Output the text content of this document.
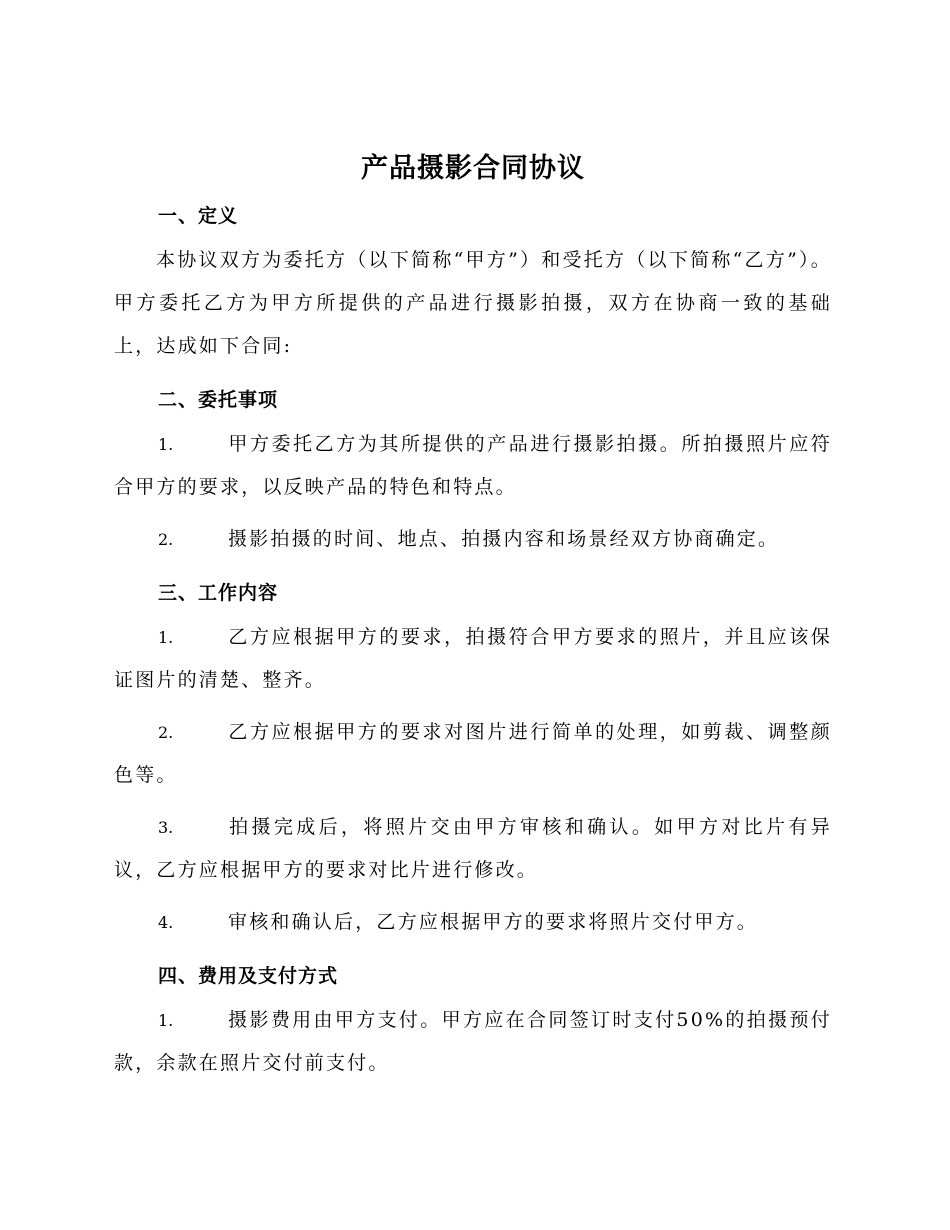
产品摄影合同协议
一、定义

本协议双方为委托方（以下简称“甲方”）和受托方（以下简称“乙方”）。甲方委托乙方为甲方所提供的产品进行摄影拍摄，双方在协商一致的基础上，达成如下合同:

二、委托事项

1.	甲方委托乙方为其所提供的产品进行摄影拍摄。所拍摄照片应符合甲方的要求，以反映产品的特色和特点。

2.	摄影拍摄的时间、地点、拍摄内容和场景经双方协商确定。

三、工作内容

1.	乙方应根据甲方的要求，拍摄符合甲方要求的照片，并且应该保证图片的清楚、整齐。

2.	乙方应根据甲方的要求对图片进行简单的处理，如剪裁、调整颜色等。

3.	拍摄完成后，将照片交由甲方审核和确认。如甲方对比片有异议，乙方应根据甲方的要求对比片进行修改。

4.	审核和确认后，乙方应根据甲方的要求将照片交付甲方。

四、费用及支付方式

1.	摄影费用由甲方支付。甲方应在合同签订时支付50%的拍摄预付款，余款在照片交付前支付。
